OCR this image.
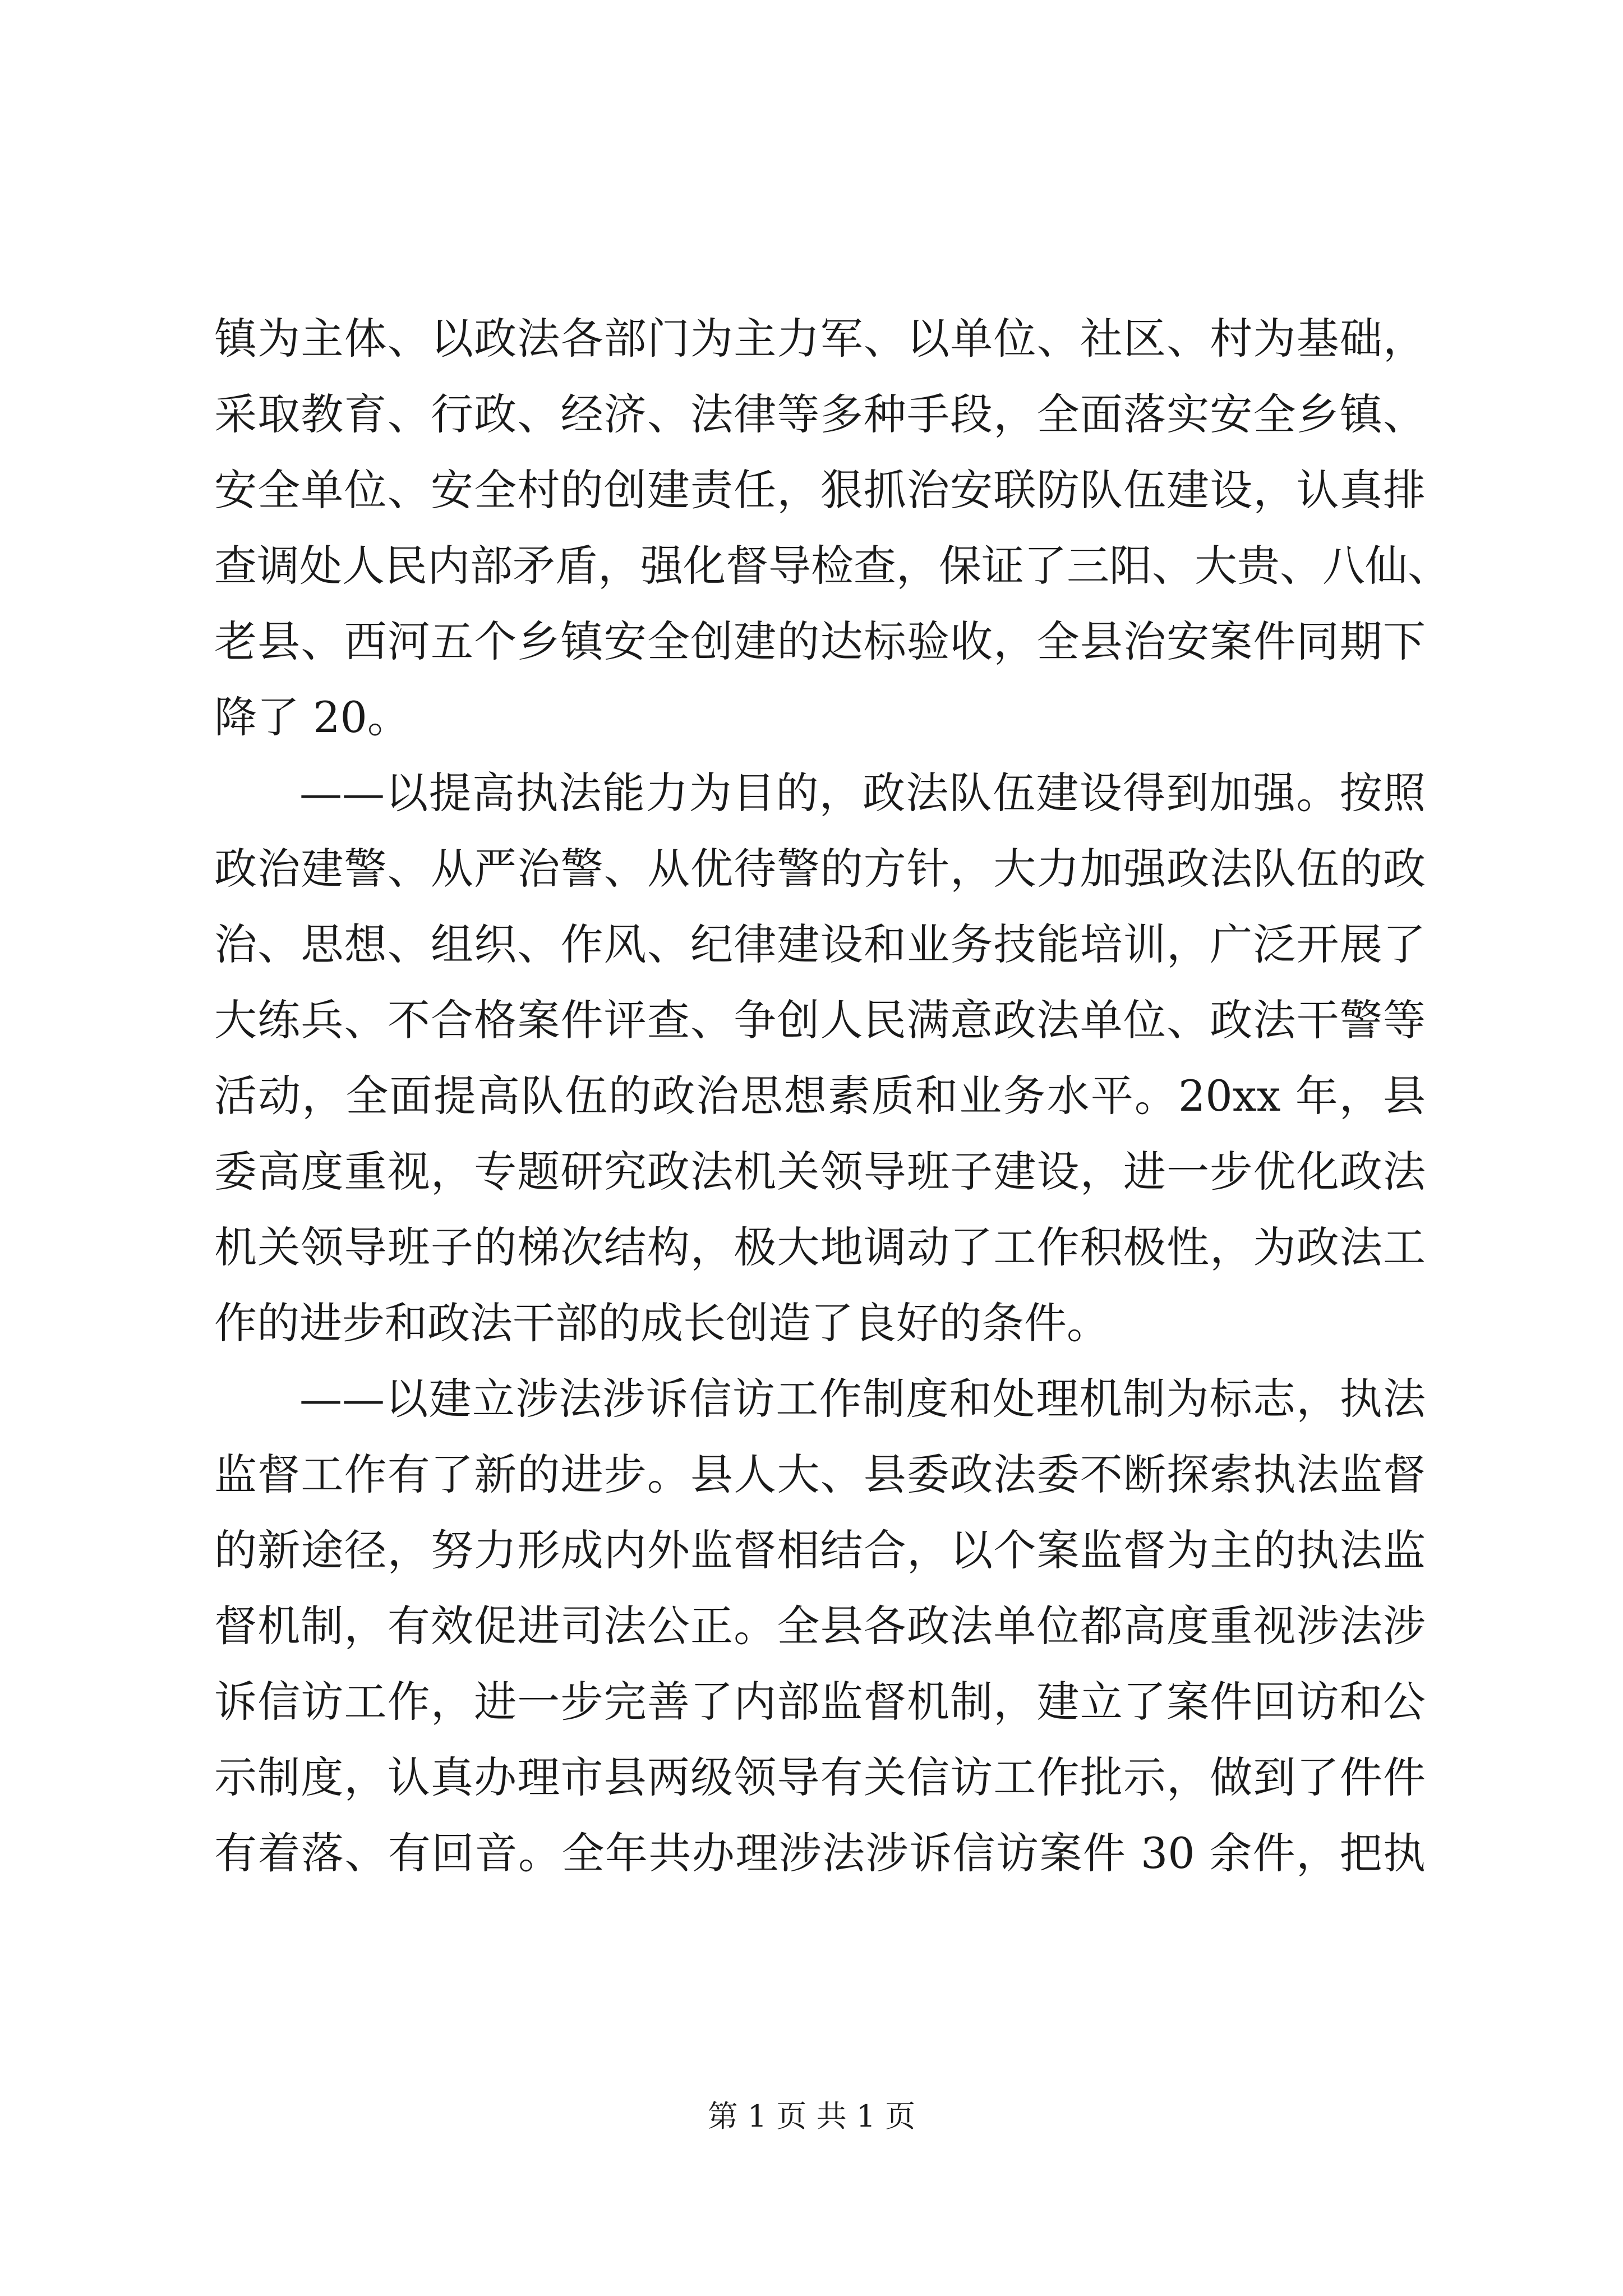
镇为主体、以政法各部门为主力军、以单位、社区、村为基础，
采取教育、行政、经济、法律等多种手段，全面落实安全乡镇、
安全单位、安全村的创建责任，狠抓治安联防队伍建设，认真排
查调处人民内部矛盾，强化督导检查，保证了三阳、大贵、八仙、
老县、西河五个乡镇安全创建的达标验收，全县治安案件同期下
降了 20。
——以提高执法能力为目的，政法队伍建设得到加强。按照
政治建警、从严治警、从优待警的方针，大力加强政法队伍的政
治、思想、组织、作风、纪律建设和业务技能培训，广泛开展了
大练兵、不合格案件评查、争创人民满意政法单位、政法干警等
活动，全面提高队伍的政治思想素质和业务水平。20xx 年，县
委高度重视，专题研究政法机关领导班子建设，进一步优化政法
机关领导班子的梯次结构，极大地调动了工作积极性，为政法工
作的进步和政法干部的成长创造了良好的条件。
——以建立涉法涉诉信访工作制度和处理机制为标志，执法
监督工作有了新的进步。县人大、县委政法委不断探索执法监督
的新途径，努力形成内外监督相结合，以个案监督为主的执法监
督机制，有效促进司法公正。全县各政法单位都高度重视涉法涉
诉信访工作，进一步完善了内部监督机制，建立了案件回访和公
示制度，认真办理市县两级领导有关信访工作批示，做到了件件
有着落、有回音。全年共办理涉法涉诉信访案件 30 余件，把执
第 1 页 共 1 页
